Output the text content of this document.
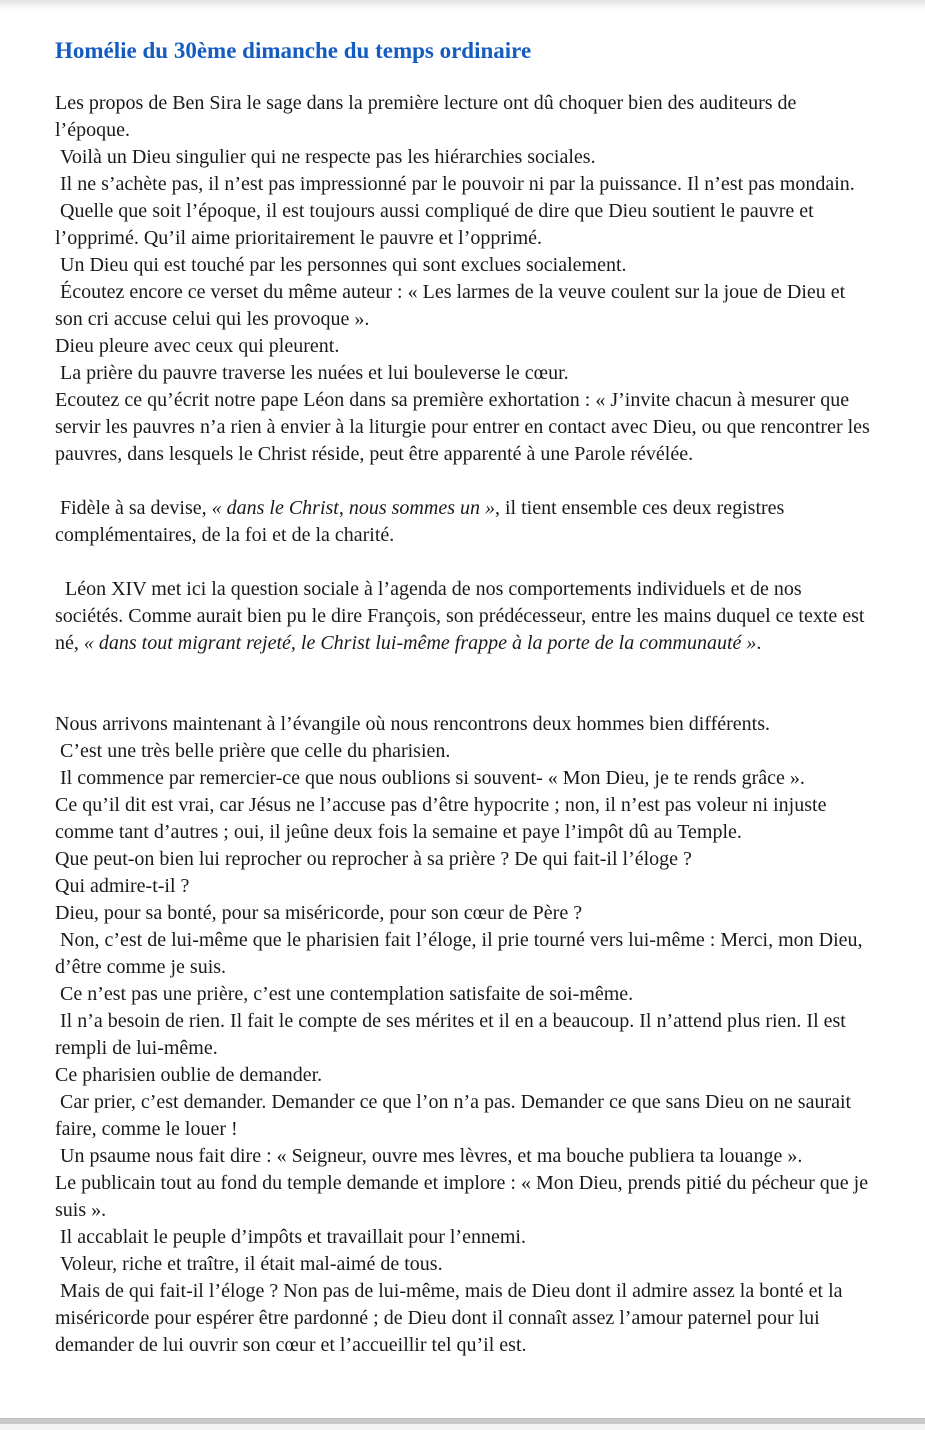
Homélie du 30ème dimanche du temps ordinaire

Les propos de Ben Sira le sage dans la première lecture ont dû choquer bien des auditeurs de l’époque.

Voilà un Dieu singulier qui ne respecte pas les hiérarchies sociales.

Il ne s’achète pas, il n’est pas impressionné par le pouvoir ni par la puissance. Il n’est pas mondain.

Quelle que soit l’époque, il est toujours aussi compliqué de dire que Dieu soutient le pauvre et l’opprimé. Qu’il aime prioritairement le pauvre et l’opprimé.

Un Dieu qui est touché par les personnes qui sont exclues socialement.

Écoutez encore ce verset du même auteur : « Les larmes de la veuve coulent sur la joue de Dieu et son cri accuse celui qui les provoque ».

Dieu pleure avec ceux qui pleurent.

La prière du pauvre traverse les nuées et lui bouleverse le cœur.

Ecoutez ce qu’écrit notre pape Léon dans sa première exhortation : « J’invite chacun à mesurer que servir les pauvres n’a rien à envier à la liturgie pour entrer en contact avec Dieu, ou que rencontrer les pauvres, dans lesquels le Christ réside, peut être apparenté à une Parole révélée.

Fidèle à sa devise, « dans le Christ, nous sommes un », il tient ensemble ces deux registres complémentaires, de la foi et de la charité.

Léon XIV met ici la question sociale à l’agenda de nos comportements individuels et de nos sociétés. Comme aurait bien pu le dire François, son prédécesseur, entre les mains duquel ce texte est né, « dans tout migrant rejeté, le Christ lui-même frappe à la porte de la communauté ».

Nous arrivons maintenant à l’évangile où nous rencontrons deux hommes bien différents.

C’est une très belle prière que celle du pharisien.

Il commence par remercier-ce que nous oublions si souvent- « Mon Dieu, je te rends grâce ».

Ce qu’il dit est vrai, car Jésus ne l’accuse pas d’être hypocrite ; non, il n’est pas voleur ni injuste comme tant d’autres ; oui, il jeûne deux fois la semaine et paye l’impôt dû au Temple.

Que peut-on bien lui reprocher ou reprocher à sa prière ? De qui fait-il l’éloge ?

Qui admire-t-il ?

Dieu, pour sa bonté, pour sa miséricorde, pour son cœur de Père ?

Non, c’est de lui-même que le pharisien fait l’éloge, il prie tourné vers lui-même : Merci, mon Dieu, d’être comme je suis.

Ce n’est pas une prière, c’est une contemplation satisfaite de soi-même.

Il n’a besoin de rien. Il fait le compte de ses mérites et il en a beaucoup. Il n’attend plus rien. Il est rempli de lui-même.

Ce pharisien oublie de demander.

Car prier, c’est demander. Demander ce que l’on n’a pas. Demander ce que sans Dieu on ne saurait faire, comme le louer !

Un psaume nous fait dire : « Seigneur, ouvre mes lèvres, et ma bouche publiera ta louange ».

Le publicain tout au fond du temple demande et implore : « Mon Dieu, prends pitié du pécheur que je suis ».

Il accablait le peuple d’impôts et travaillait pour l’ennemi.

Voleur, riche et traître, il était mal-aimé de tous.

Mais de qui fait-il l’éloge ? Non pas de lui-même, mais de Dieu dont il admire assez la bonté et la miséricorde pour espérer être pardonné ; de Dieu dont il connaît assez l’amour paternel pour lui demander de lui ouvrir son cœur et l’accueillir tel qu’il est.
